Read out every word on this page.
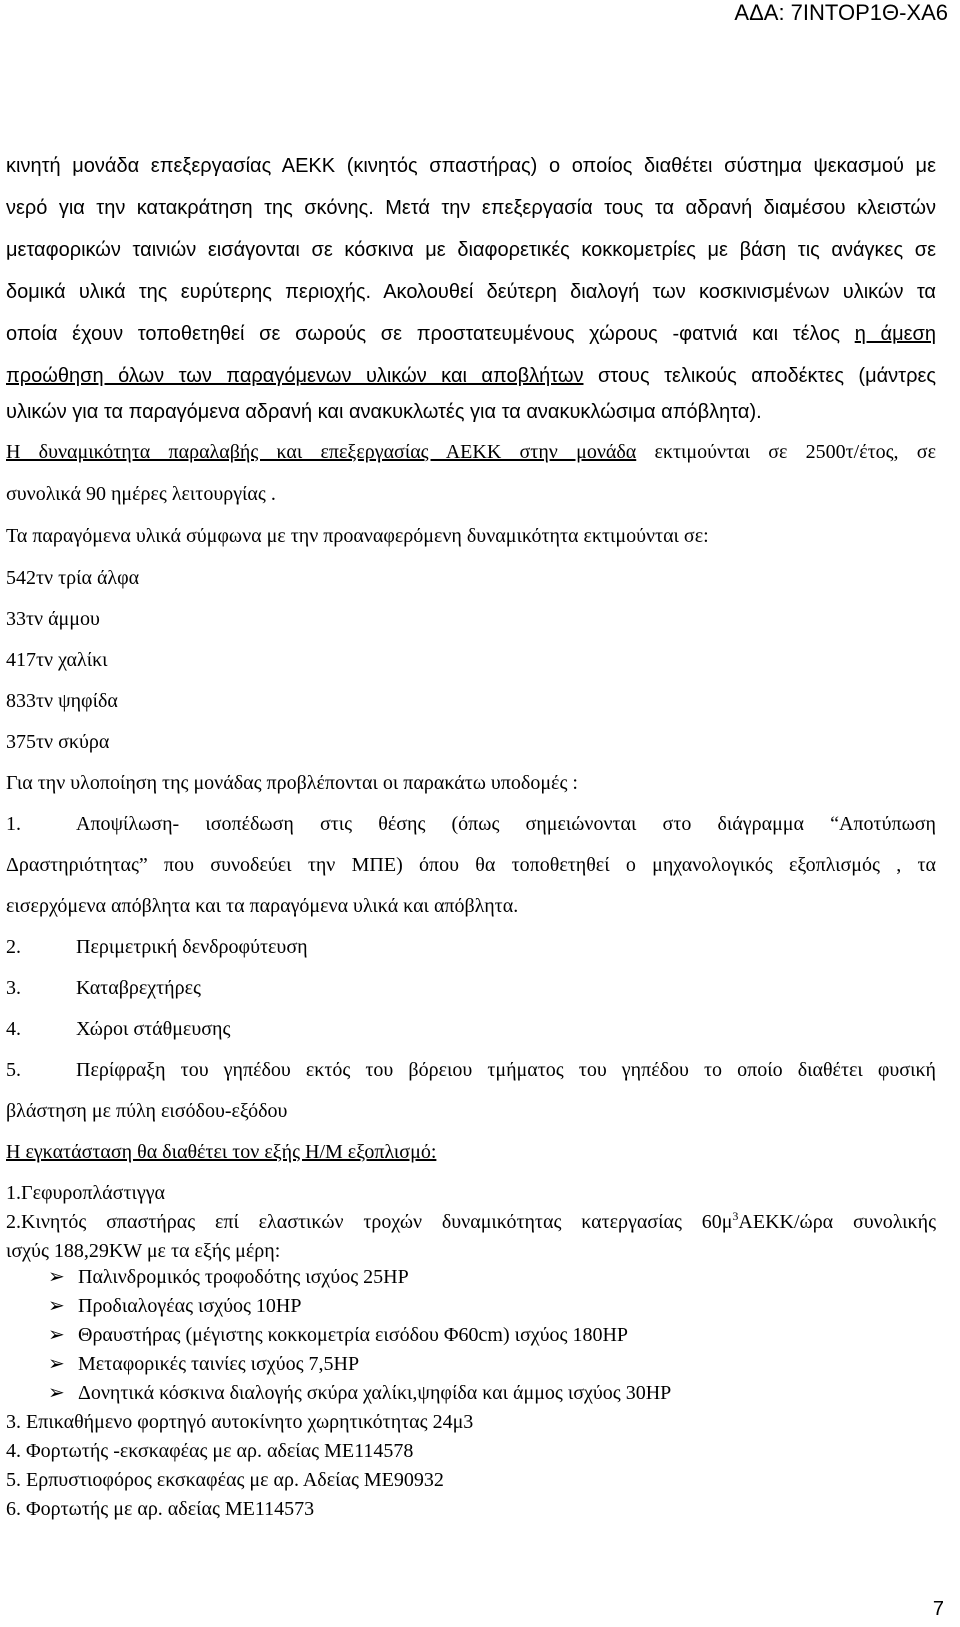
ΑΔΑ: 7ΙΝΤΟΡ1Θ-ΧΑ6
κινητή μονάδα επεξεργασίας ΑΕΚΚ (κινητός σπαστήρας) ο οποίος διαθέτει σύστημα ψεκασμού με
νερό για την κατακράτηση της σκόνης. Μετά την επεξεργασία τους τα αδρανή διαμέσου κλειστών
μεταφορικών ταινιών εισάγονται σε κόσκινα με διαφορετικές κοκκομετρίες με βάση τις ανάγκες σε
δομικά υλικά της ευρύτερης περιοχής. Ακολουθεί δεύτερη διαλογή των κοσκινισμένων υλικών τα
οποία έχουν τοποθετηθεί σε σωρούς σε προστατευμένους χώρους -φατνιά και τέλος η άμεση
προώθηση όλων των παραγόμενων υλικών και αποβλήτων στους τελικούς αποδέκτες (μάντρες
υλικών για τα παραγόμενα αδρανή και ανακυκλωτές για τα ανακυκλώσιμα απόβλητα).
Η δυναμικότητα παραλαβής και επεξεργασίας ΑΕΚΚ στην μονάδα εκτιμούνται σε 2500τ/έτος, σε
συνολικά 90 ημέρες λειτουργίας .
Τα παραγόμενα υλικά σύμφωνα με την προαναφερόμενη δυναμικότητα εκτιμούνται σε:
542τν τρία άλφα
33τν άμμου
417τν χαλίκι
833τν ψηφίδα
375τν σκύρα
Για την υλοποίηση της μονάδας προβλέπονται οι παρακάτω υποδομές :
1.	Αποψίλωση- ισοπέδωση στις θέσης (όπως σημειώνονται στο διάγραμμα “Αποτύπωση
Δραστηριότητας” που συνοδεύει την ΜΠΕ) όπου θα τοποθετηθεί ο μηχανολογικός εξοπλισμός , τα
εισερχόμενα απόβλητα και τα παραγόμενα υλικά και απόβλητα.
2.	Περιμετρική δενδροφύτευση
3.	Καταβρεχτήρες
4.	Χώροι στάθμευσης
5.	Περίφραξη του γηπέδου εκτός του βόρειου τμήματος του γηπέδου το οποίο διαθέτει φυσική
βλάστηση με πύλη εισόδου-εξόδου
Η εγκατάσταση θα διαθέτει τον εξής Η/Μ εξοπλισμό:
1.Γεφυροπλάστιγγα
2.Κινητός σπαστήρας επί ελαστικών τροχών δυναμικότητας κατεργασίας $60\mu^3AEKK$/ώρα συνολικής
ισχύς 188,29KW με τα εξής μέρη:
➢ Παλινδρομικός τροφοδότης ισχύος 25HP
➢ Προδιαλογέας ισχύος 10HP
➢ Θραυστήρας (μέγιστης κοκκομετρία εισόδου Φ60cm) ισχύος 180HP
➢ Μεταφορικές ταινίες ισχύος 7,5HP
➢ Δονητικά κόσκινα διαλογής σκύρα χαλίκι,ψηφίδα και άμμος ισχύος 30HP
3. Επικαθήμενο φορτηγό αυτοκίνητο χωρητικότητας 24μ3
4. Φορτωτής -εκσκαφέας με αρ. αδείας ΜΕ114578
5. Ερπυστιοφόρος εκσκαφέας με αρ. Αδείας ΜΕ90932
6. Φορτωτής με αρ. αδείας ΜΕ114573
7
